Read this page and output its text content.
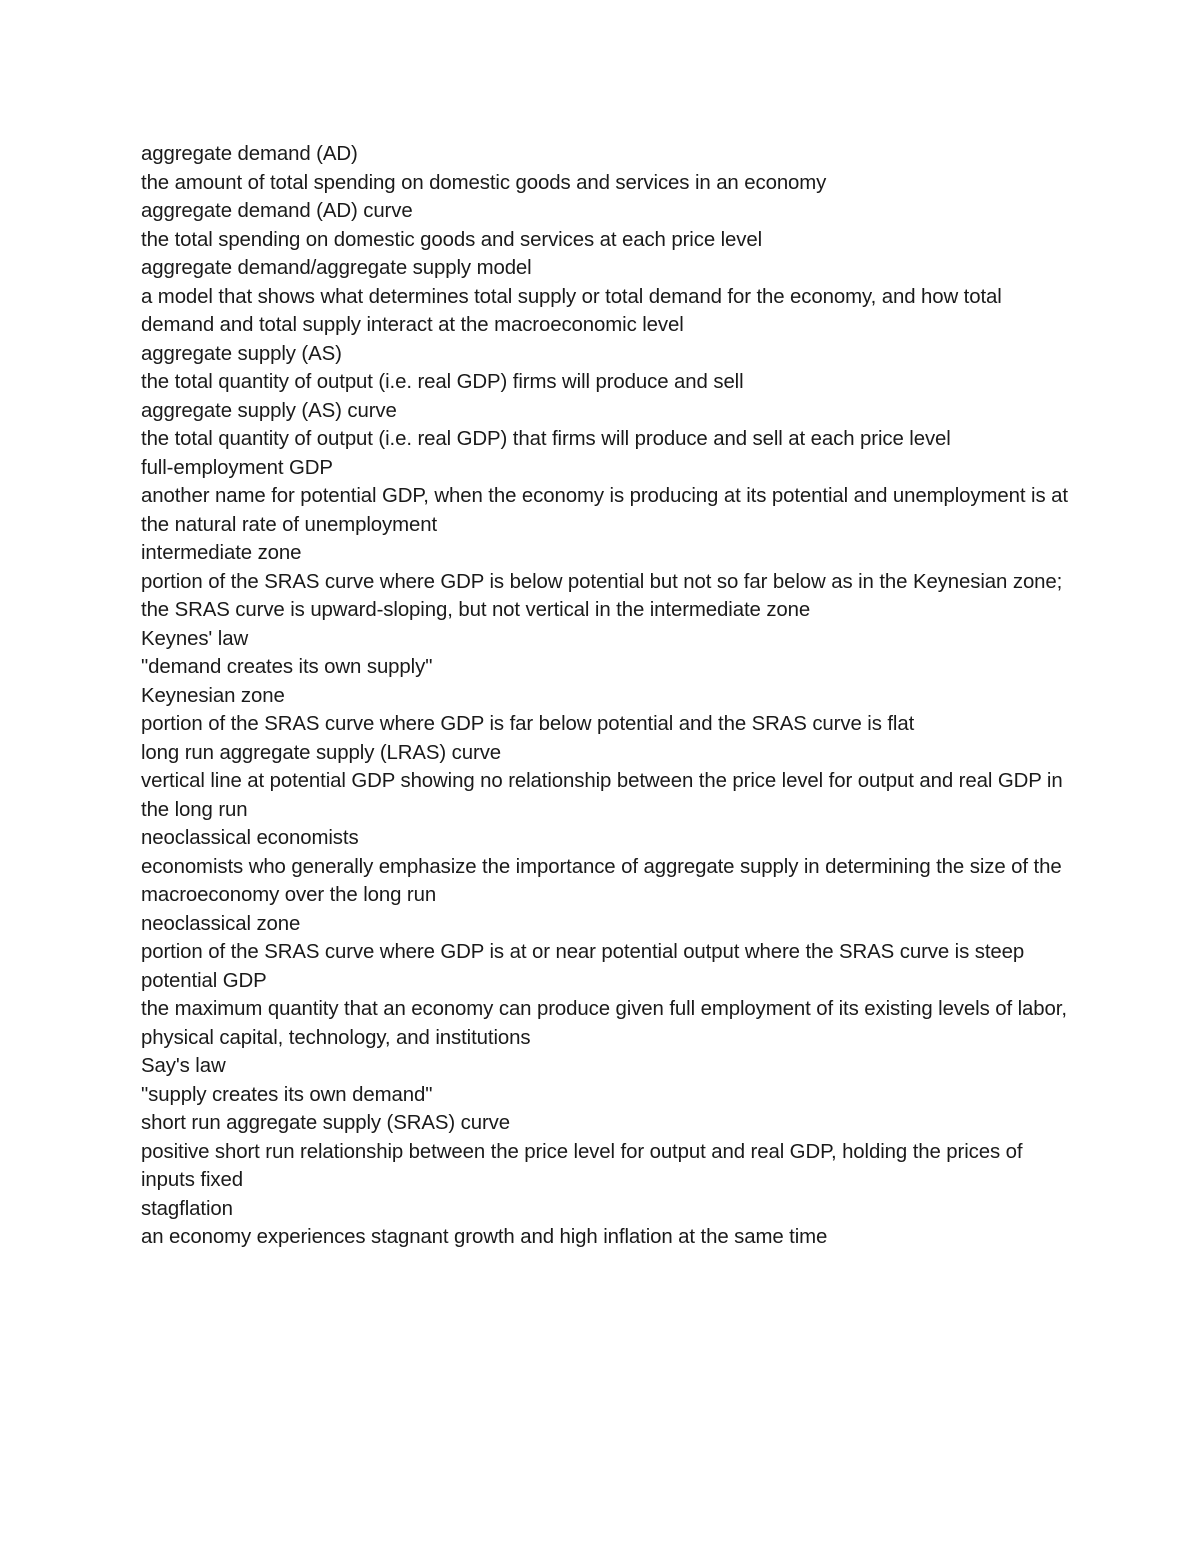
aggregate demand (AD)
the amount of total spending on domestic goods and services in an economy
aggregate demand (AD) curve
the total spending on domestic goods and services at each price level
aggregate demand/aggregate supply model
a model that shows what determines total supply or total demand for the economy, and how total demand and total supply interact at the macroeconomic level
aggregate supply (AS)
the total quantity of output (i.e. real GDP) firms will produce and sell
aggregate supply (AS) curve
the total quantity of output (i.e. real GDP) that firms will produce and sell at each price level
full-employment GDP
another name for potential GDP, when the economy is producing at its potential and unemployment is at the natural rate of unemployment
intermediate zone
portion of the SRAS curve where GDP is below potential but not so far below as in the Keynesian zone; the SRAS curve is upward-sloping, but not vertical in the intermediate zone
Keynes' law
"demand creates its own supply"
Keynesian zone
portion of the SRAS curve where GDP is far below potential and the SRAS curve is flat
long run aggregate supply (LRAS) curve
vertical line at potential GDP showing no relationship between the price level for output and real GDP in the long run
neoclassical economists
economists who generally emphasize the importance of aggregate supply in determining the size of the macroeconomy over the long run
neoclassical zone
portion of the SRAS curve where GDP is at or near potential output where the SRAS curve is steep
potential GDP
the maximum quantity that an economy can produce given full employment of its existing levels of labor, physical capital, technology, and institutions
Say's law
"supply creates its own demand"
short run aggregate supply (SRAS) curve
positive short run relationship between the price level for output and real GDP, holding the prices of inputs fixed
stagflation
an economy experiences stagnant growth and high inflation at the same time
